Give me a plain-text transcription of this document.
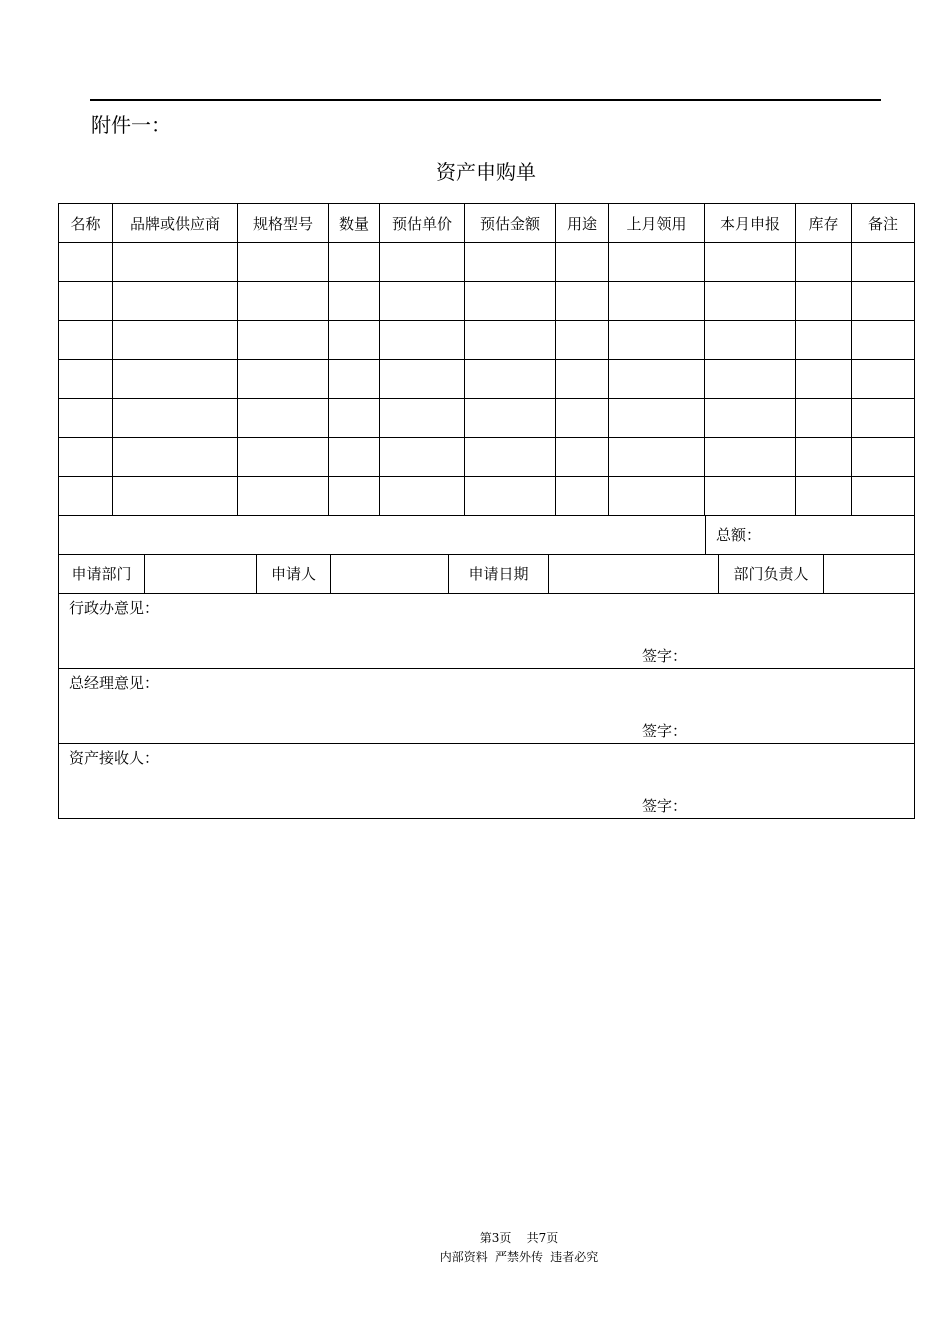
附件一：
资产申购单
名称	品牌或供应商	规格型号	数量	预估单价	预估金额	用途	上月领用	本月申报	库存	备注

总额：										

申请部门 申请人 申请日期 部门负责人										

行政办意见：
签字：										

总经理意见：
签字：										

资产接收人：
签字：										
第3页    共7页
内部资料 严禁外传 违者必究
